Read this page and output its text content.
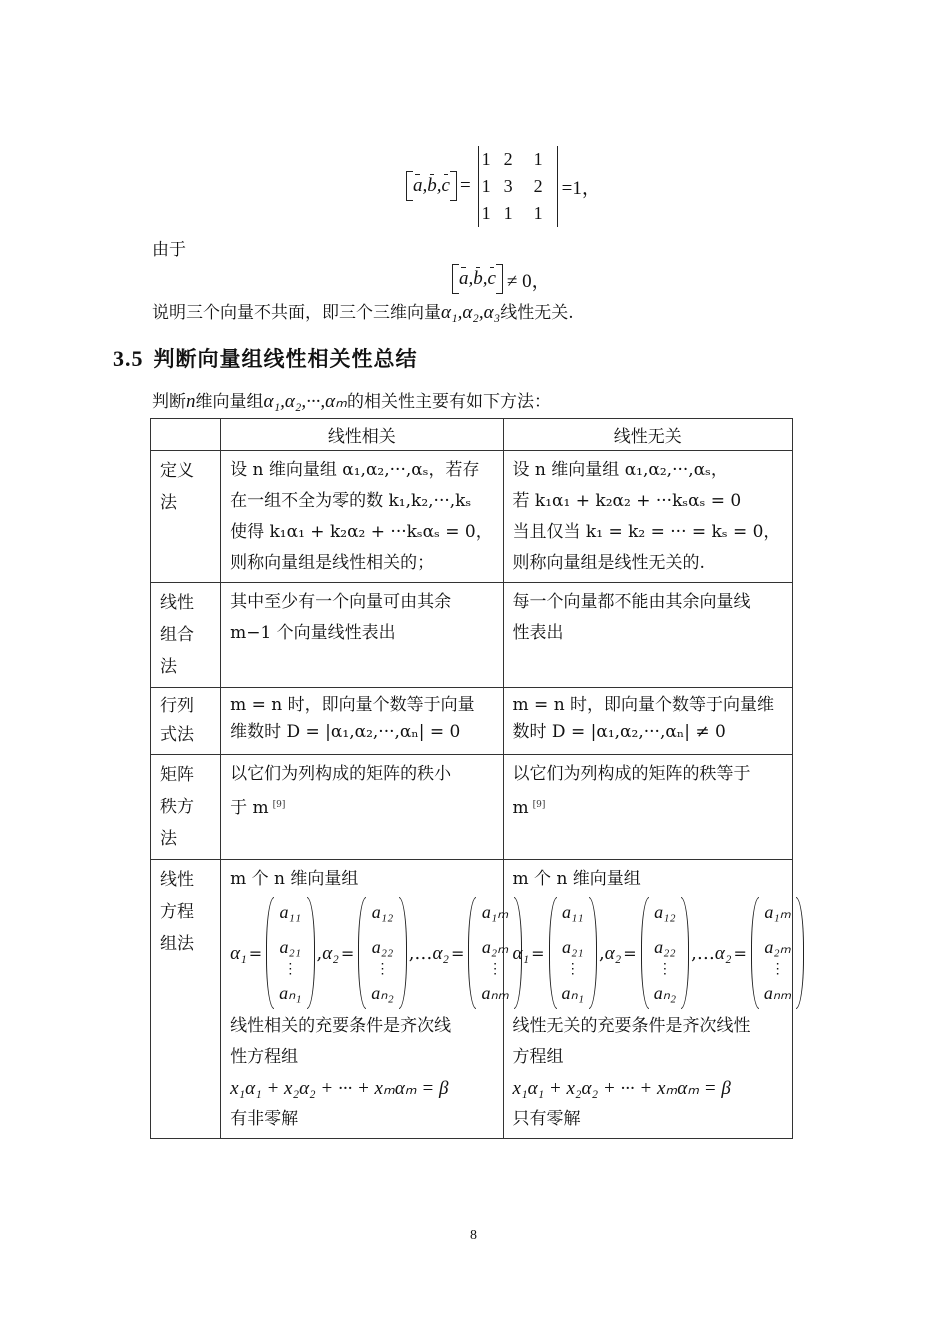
a,b,c =
1 2	1
1 3	2
1 1	1
=1，
由于
a,b,c ≠ 0，
说明三个向量不共面，即三个三维向量α₁,α₂,α₃线性无关.
3.5 判断向量组线性相关性总结
判断n维向量组α₁,α₂,···,αₘ的相关性主要有如下方法：
	线性相关	线性无关

定义法

设 n 维向量组 α₁,α₂,···,αₛ，若存
在一组不全为零的数 k₁,k₂,···,kₛ
使得 k₁α₁ + k₂α₂ + ···kₛαₛ = 0，
则称向量组是线性相关的；

设 n 维向量组 α₁,α₂,···,αₛ，
若 k₁α₁ + k₂α₂ + ···kₛαₛ = 0
当且仅当 k₁ = k₂ = ··· = kₛ = 0，
则称向量组是线性无关的.

线性组合法

其中至少有一个向量可由其余
m−1 个向量线性表出

每一个向量都不能由其余向量线
性表出

行列式法

m = n 时，即向量个数等于向量
维数时 D = |α₁,α₂,···,αₙ| = 0

m = n 时，即向量个数等于向量维
数时 D = |α₁,α₂,···,αₙ| ≠ 0

矩阵秩方法

以它们为列构成的矩阵的秩小
于 m [9]

以它们为列构成的矩阵的秩等于
m [9]

线性方程组法

m 个 n 维向量组
α₁ =
a₁₁
a₂₁
⋮
aₙ₁
, α₂ =
a₁₂
a₂₂
⋮
aₙ₂
,… α₂ =
a₁ₘ
a₂ₘ
⋮
aₙₘ
线性相关的充要条件是齐次线
性方程组
x₁α₁ + x₂α₂ + ··· + xₘαₘ = β
有非零解

m 个 n 维向量组
α₁ =
a₁₁
a₂₁
⋮
aₙ₁
, α₂ =
a₁₂
a₂₂
⋮
aₙ₂
,… α₂ =
a₁ₘ
a₂ₘ
⋮
aₙₘ
线性无关的充要条件是齐次线性
方程组
x₁α₁ + x₂α₂ + ··· + xₘαₘ = β
只有零解
8
